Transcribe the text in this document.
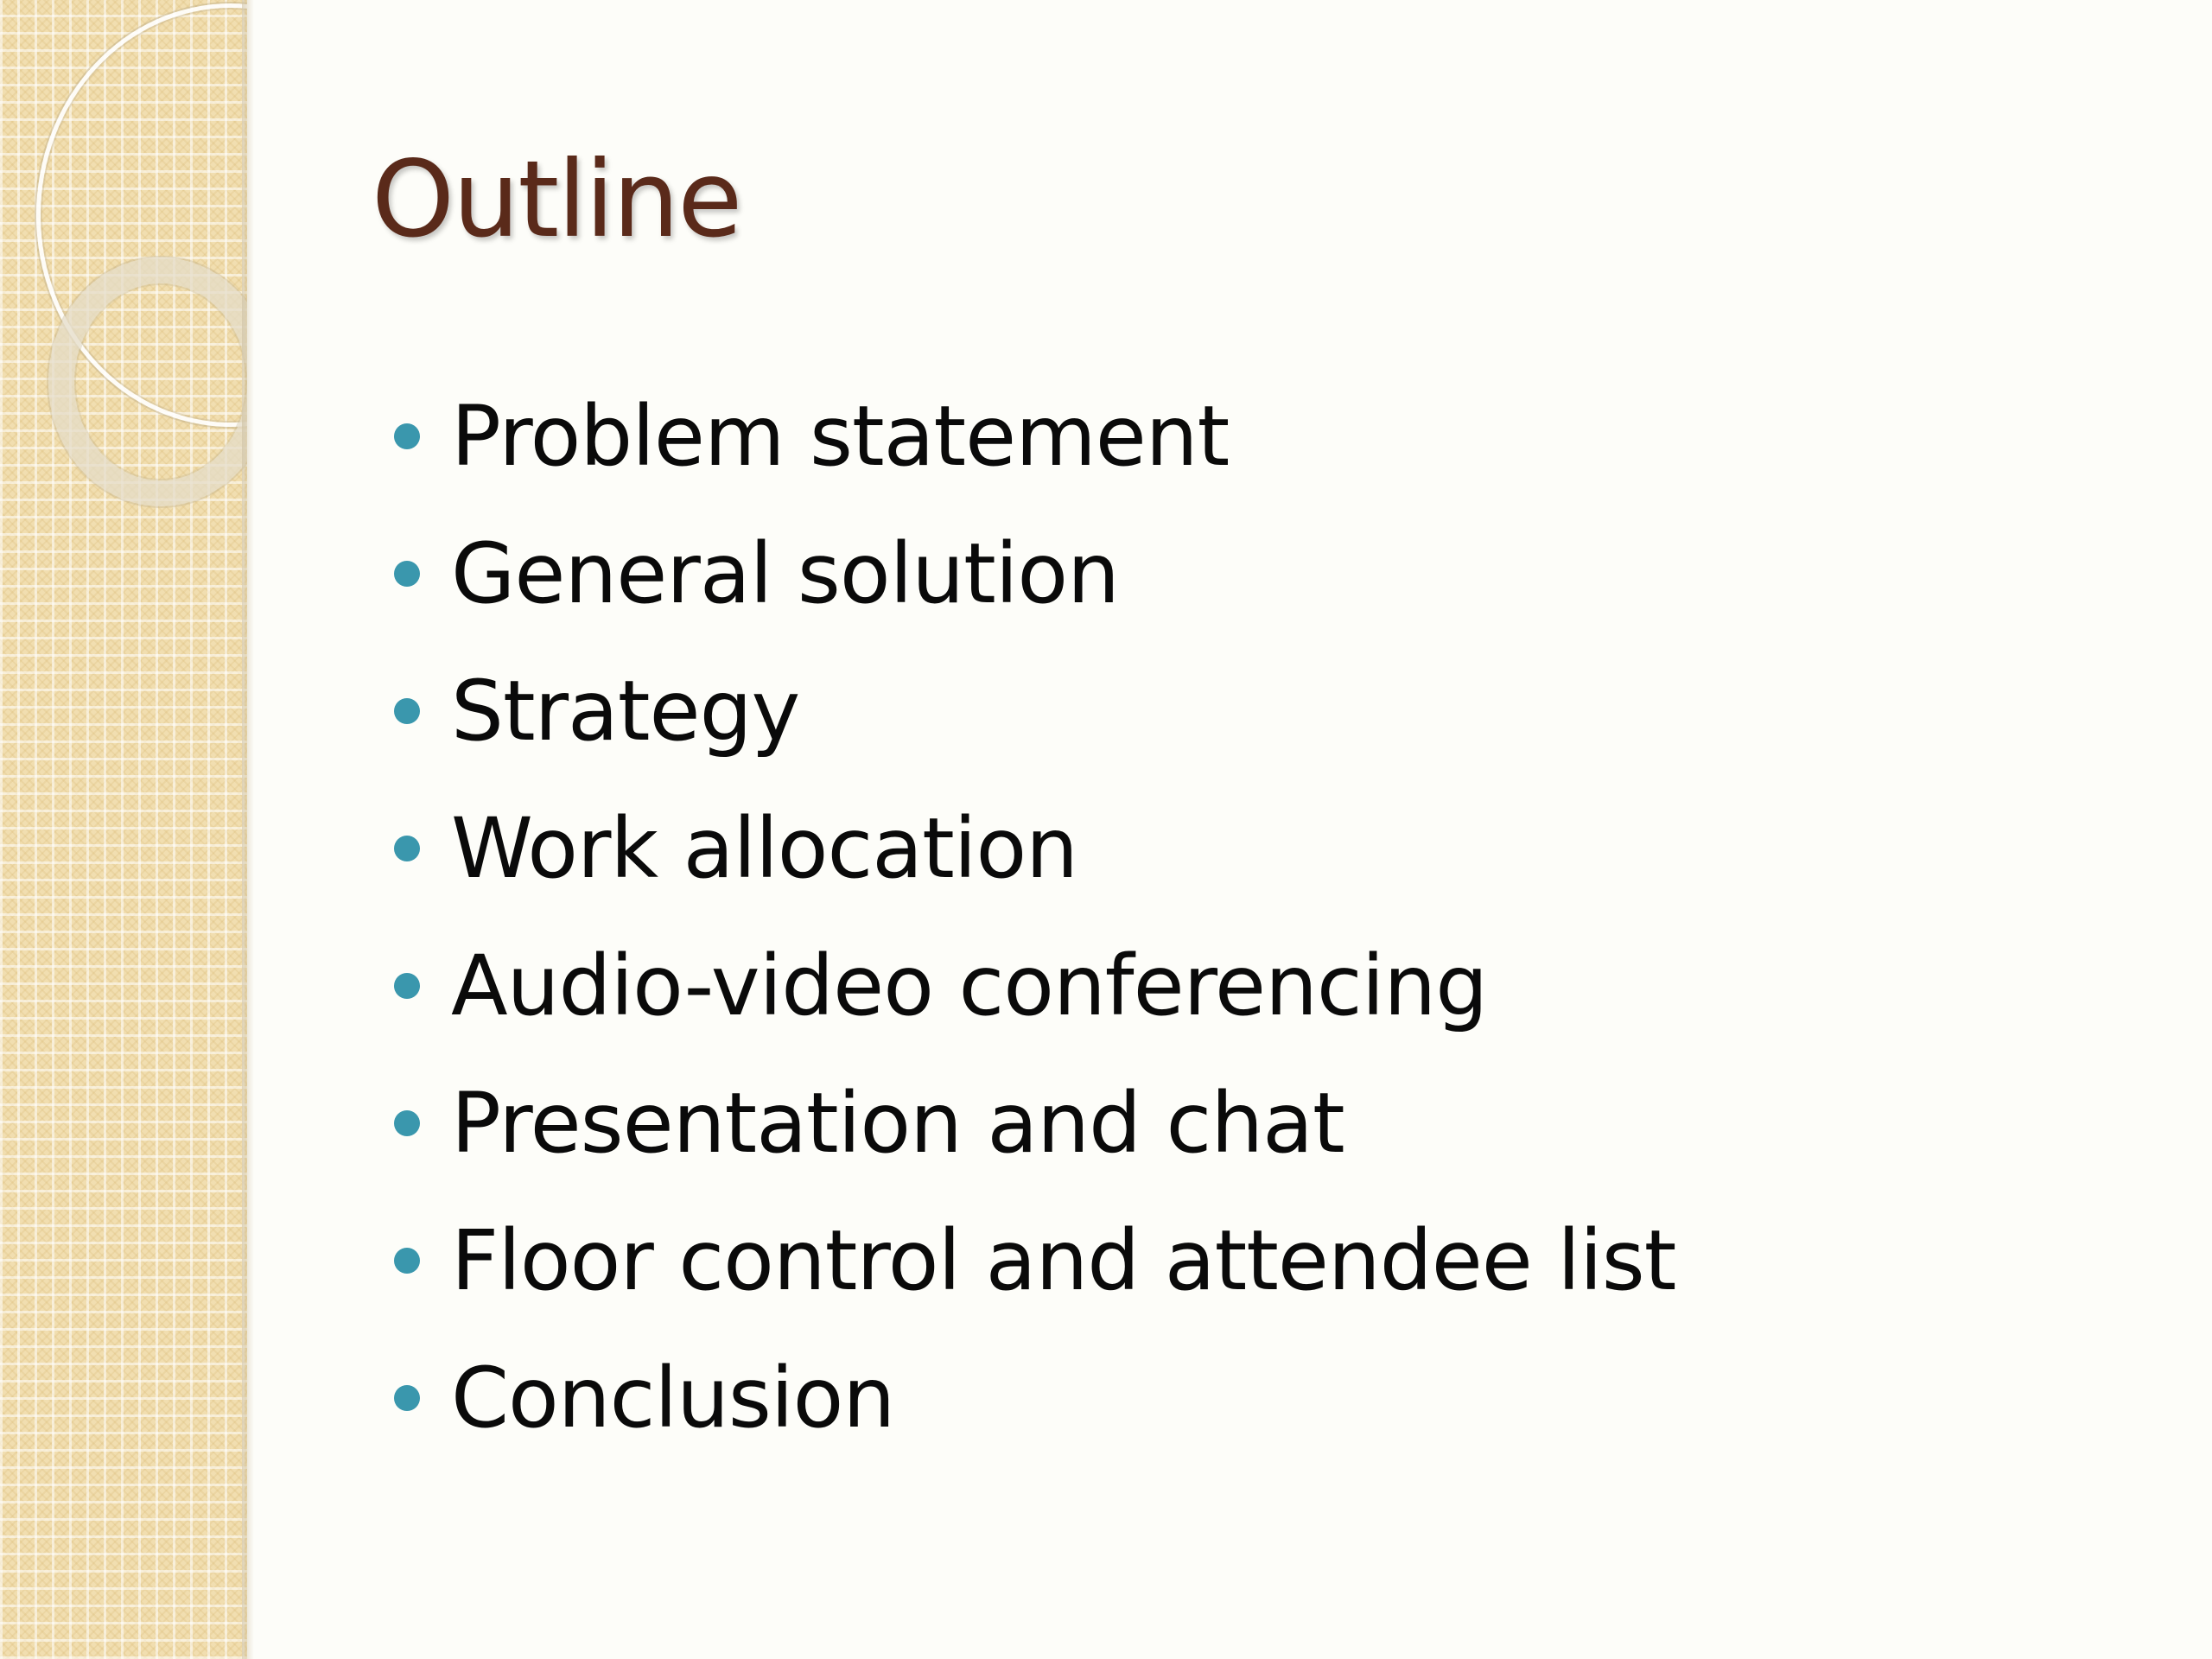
Outline
Problem statement
General solution
Strategy
Work allocation
Audio-video conferencing
Presentation and chat
Floor control and attendee list
Conclusion
